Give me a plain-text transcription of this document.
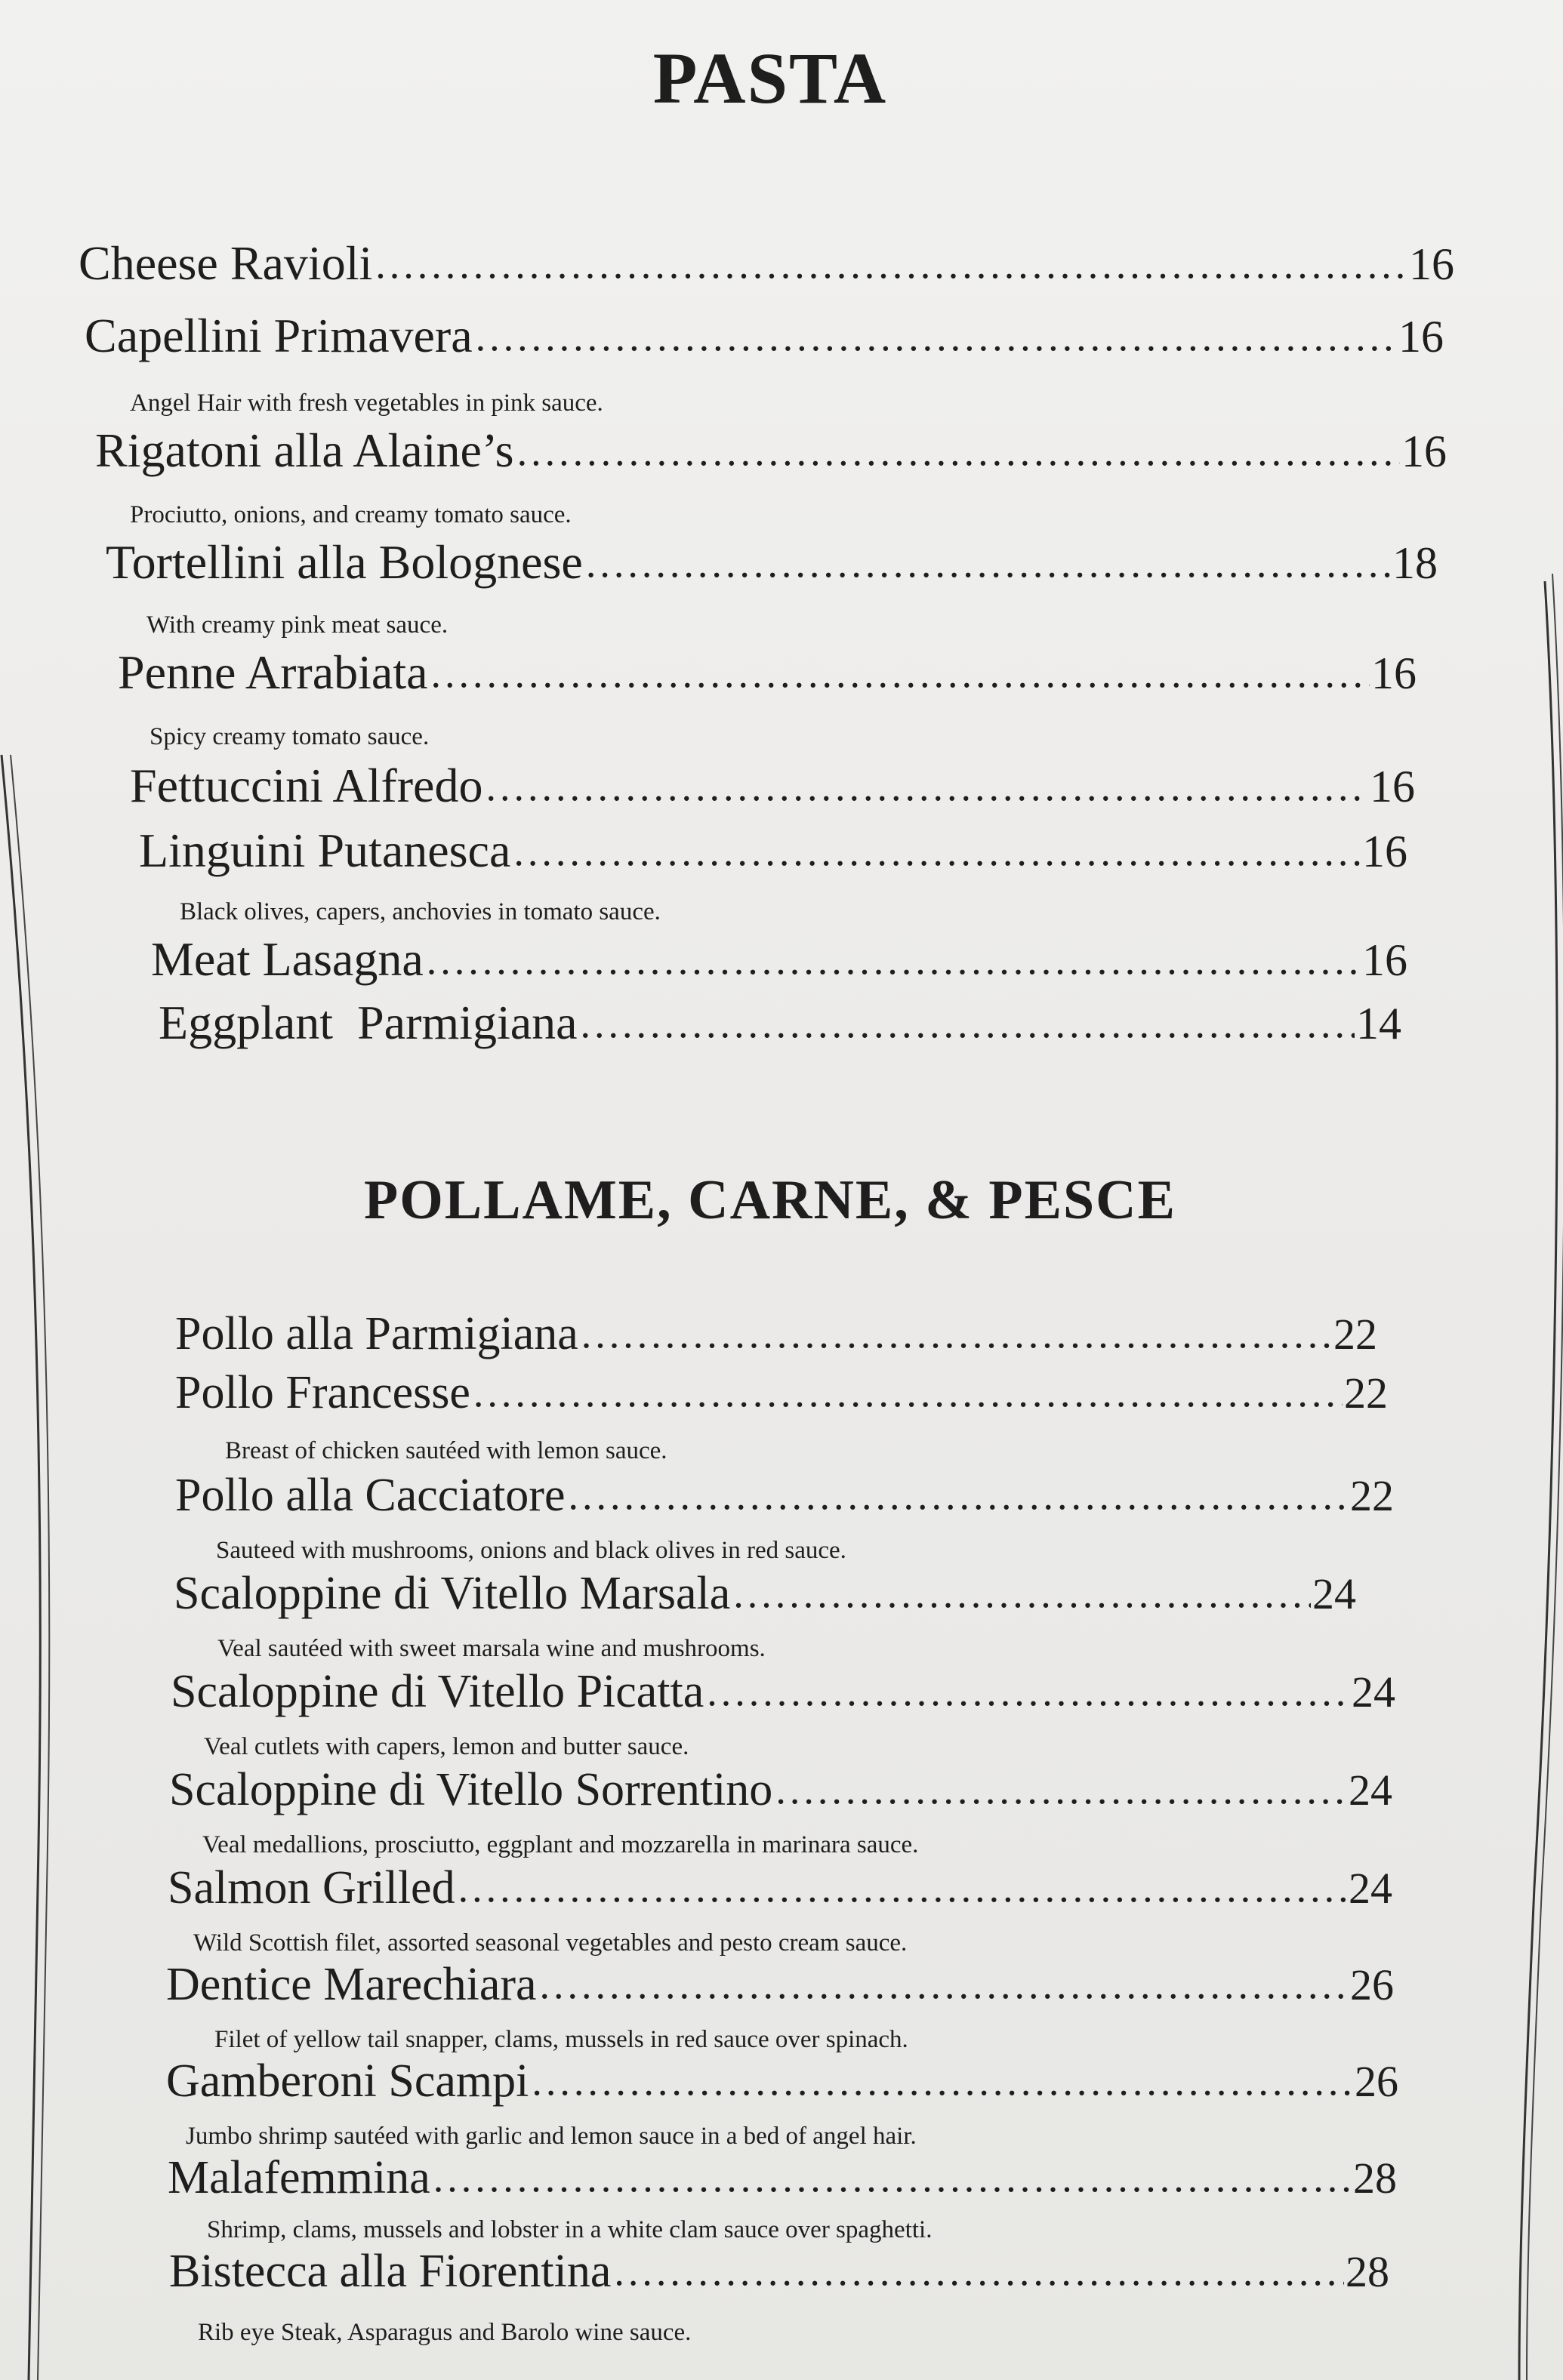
PASTA
Cheese Ravioli .....	16
Capellini Primavera .....	16
Angel Hair with fresh vegetables in pink sauce.
Rigatoni alla Alaine’s .....	16
Prociutto, onions, and creamy tomato sauce.
Tortellini alla Bolognese .....	18
With creamy pink meat sauce.
Penne Arrabiata .....	16
Spicy creamy tomato sauce.
Fettuccini Alfredo .....	16
Linguini Putanesca .....	16
Black olives, capers, anchovies in tomato sauce.
Meat Lasagna .....	16
Eggplant  Parmigiana .....	14
POLLAME, CARNE, & PESCE
Pollo alla Parmigiana .....	22
Pollo Francesse .....	22
Breast of chicken sautéed with lemon sauce.
Pollo alla Cacciatore .....	22
Sauteed with mushrooms, onions and black olives in red sauce.
Scaloppine di Vitello Marsala .....	24
Veal sautéed with sweet marsala wine and mushrooms.
Scaloppine di Vitello Picatta .....	24
Veal cutlets with capers, lemon and butter sauce.
Scaloppine di Vitello Sorrentino .....	24
Veal medallions, prosciutto, eggplant and mozzarella in marinara sauce.
Salmon Grilled .....	24
Wild Scottish filet, assorted seasonal vegetables and pesto cream sauce.
Dentice Marechiara .....	26
Filet of yellow tail snapper, clams, mussels in red sauce over spinach.
Gamberoni Scampi .....	26
Jumbo shrimp sautéed with garlic and lemon sauce in a bed of angel hair.
Malafemmina .....	28
Shrimp, clams, mussels and lobster in a white clam sauce over spaghetti.
Bistecca alla Fiorentina .....	28
Rib eye Steak, Asparagus and Barolo wine sauce.
